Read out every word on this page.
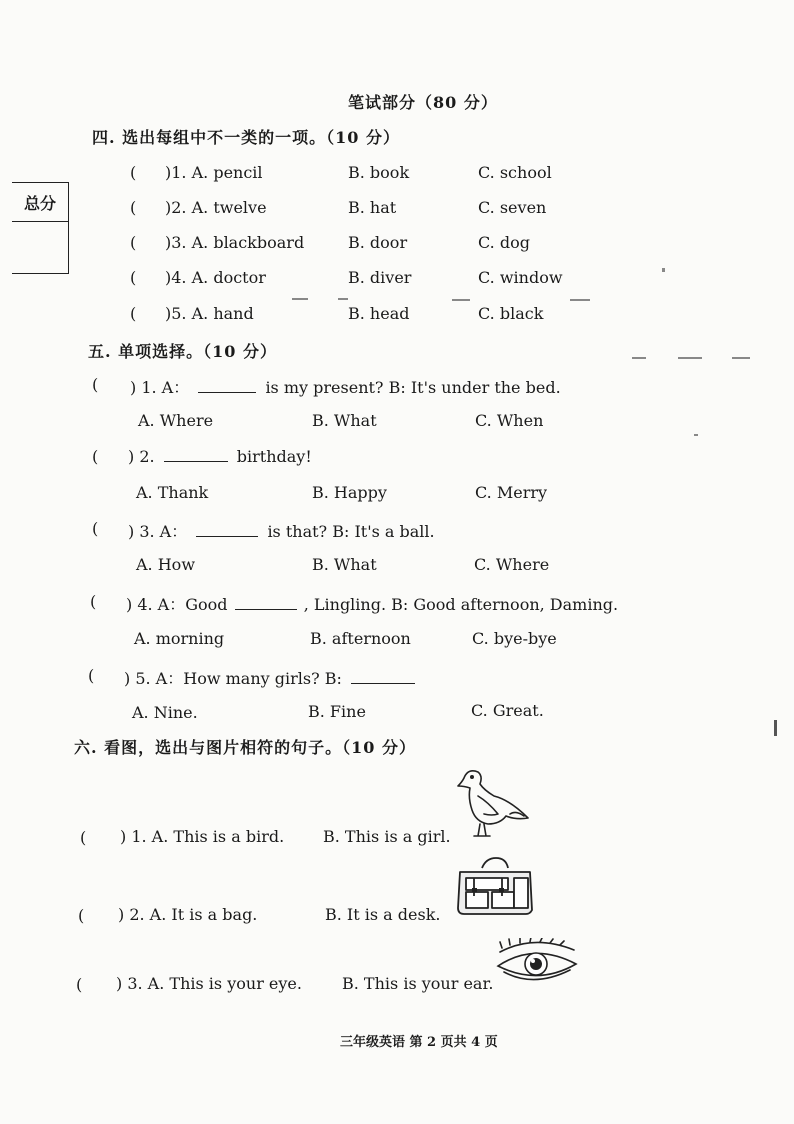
笔试部分（80 分）
总分
四. 选出每组中不一类的一项。（10 分）
( )1. A. pencil	B. book	C. school
( )2. A. twelve	B. hat	C. seven
( )3. A. blackboard	B. door	C. dog
( )4. A. doctor	B. diver	C. window
( )5. A. hand	B. head	C. black
五. 单项选择。（10 分）
( ) 1. A：	is my present? B: It's under the bed.
A. Where	B. What	C. When
( ) 2.	birthday!
A. Thank	B. Happy	C. Merry
( ) 3. A：	is that? B: It's a ball.
A. How	B. What	C. Where
( ) 4. A：Good	, Lingling. B: Good afternoon, Daming.
A. morning	B. afternoon	C. bye-bye
( ) 5. A：How many girls? B:
A. Nine.	B. Fine	C. Great.
六. 看图，选出与图片相符的句子。（10 分）
( ) 1. A. This is a bird. B. This is a girl.
( ) 2. A. It is a bag.	B. It is a desk.
( ) 3. A. This is your eye.	B. This is your ear.
三年级英语 第 2 页共 4 页
